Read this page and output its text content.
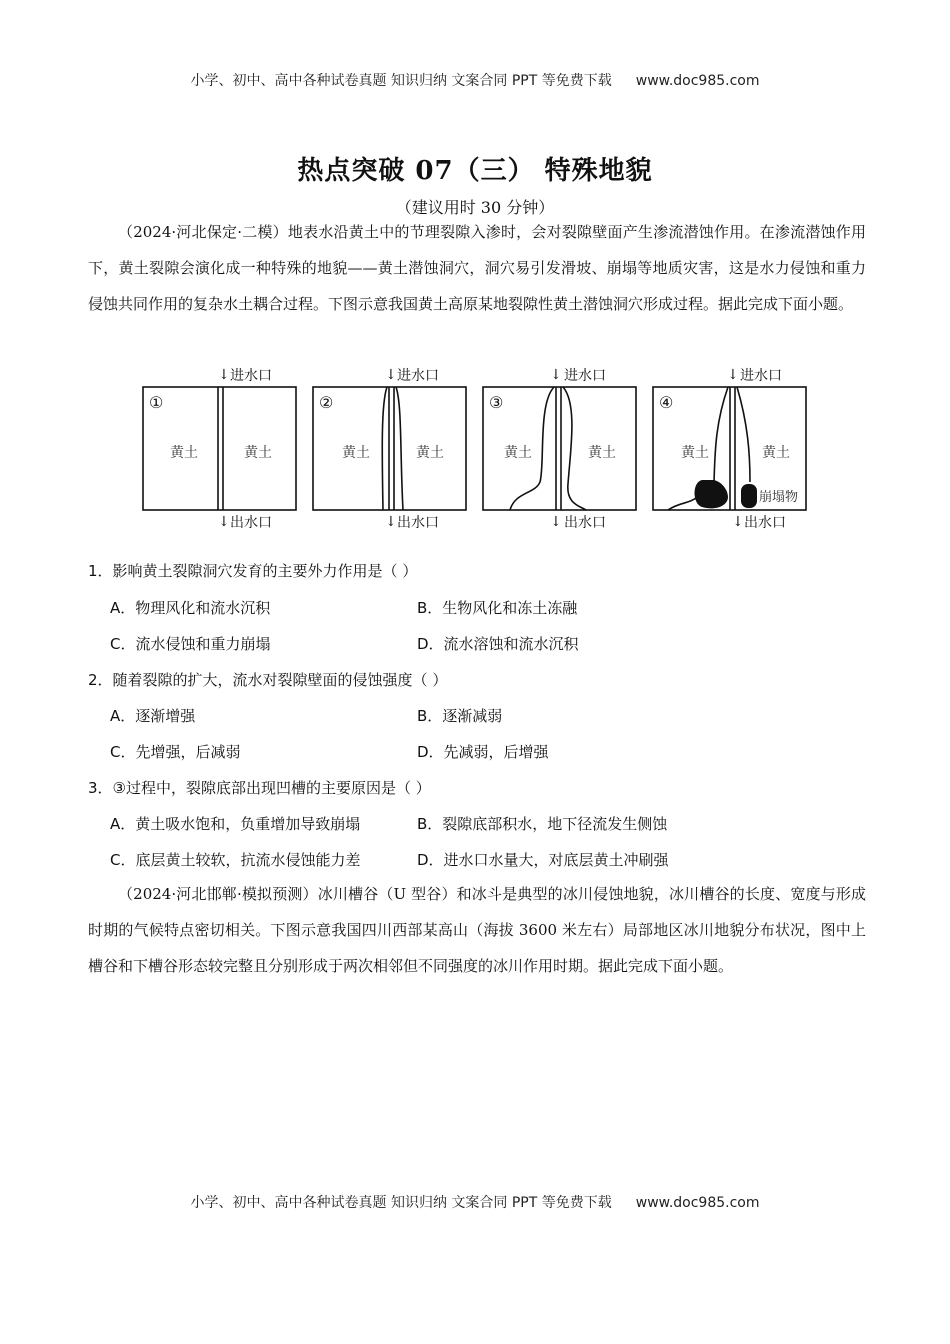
小学、初中、高中各种试卷真题 知识归纳 文案合同 PPT 等免费下载 www.doc985.com
热点突破 07（三） 特殊地貌
（建议用时 30 分钟）
（2024·河北保定·二模）地表水沿黄土中的节理裂隙入渗时，会对裂隙壁面产生渗流潜蚀作用。在渗流潜蚀作用下，黄土裂隙会演化成一种特殊的地貌——黄土潜蚀洞穴，洞穴易引发滑坡、崩塌等地质灾害，这是水力侵蚀和重力侵蚀共同作用的复杂水土耦合过程。下图示意我国黄土高原某地裂隙性黄土潜蚀洞穴形成过程。据此完成下面小题。
↓ 进水口
↓ 出水口
↓ 进水口
↓ 出水口
↓ 进水口
↓ 出水口
↓ 进水口
↓ 出水口
①	②	③	④
黄土	黄土	黄土	黄土	黄土	黄土	黄土	黄土
崩塌物
1．影响黄土裂隙洞穴发育的主要外力作用是（ ）
A．物理风化和流水沉积	B．生物风化和冻土冻融
C．流水侵蚀和重力崩塌	D．流水溶蚀和流水沉积
2．随着裂隙的扩大，流水对裂隙壁面的侵蚀强度（ ）
A．逐渐增强	B．逐渐减弱
C．先增强，后减弱	D．先减弱，后增强
3．③过程中，裂隙底部出现凹槽的主要原因是（ ）
A．黄土吸水饱和，负重增加导致崩塌	B．裂隙底部积水，地下径流发生侧蚀
C．底层黄土较软，抗流水侵蚀能力差	D．进水口水量大，对底层黄土冲刷强
（2024·河北邯郸·模拟预测）冰川槽谷（U 型谷）和冰斗是典型的冰川侵蚀地貌，冰川槽谷的长度、宽度与形成时期的气候特点密切相关。下图示意我国四川西部某高山（海拔 3600 米左右）局部地区冰川地貌分布状况，图中上槽谷和下槽谷形态较完整且分别形成于两次相邻但不同强度的冰川作用时期。据此完成下面小题。
小学、初中、高中各种试卷真题 知识归纳 文案合同 PPT 等免费下载 www.doc985.com
